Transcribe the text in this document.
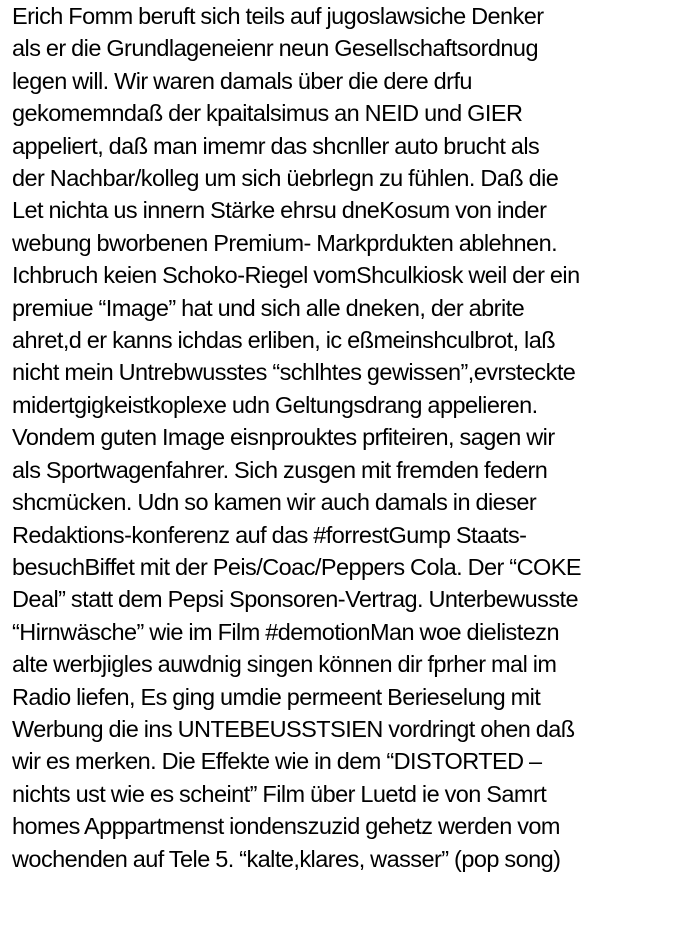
Erich Fomm beruft sich teils auf jugoslawsiche Denker
als er die Grundlageneienr neun Gesellschaftsordnug
legen will. Wir waren damals über die dere drfu
gekomemndaß der kpaitalsimus an NEID und GIER
appeliert, daß man imemr das shcnller auto brucht als
der Nachbar/kolleg um sich üebrlegn zu fühlen. Daß die
Let nichta us innern Stärke ehrsu dneKosum von inder
webung bworbenen Premium- Markprdukten ablehnen.
Ichbruch keien Schoko-Riegel vomShculkiosk weil der ein
premiue “Image” hat und sich alle dneken, der abrite
ahret,d er kanns ichdas erliben, ic eßmeinshculbrot, laß
nicht mein Untrebwusstes “schlhtes gewissen”,evrsteckte
midertgigkeistkoplexe udn Geltungsdrang appelieren.
Vondem guten Image eisnprouktes prfiteiren, sagen wir
als Sportwagenfahrer. Sich zusgen mit fremden federn
shcmücken. Udn so kamen wir auch damals in dieser
Redaktions-konferenz auf das #forrestGump Staats-
besuchBiffet mit der Peis/Coac/Peppers Cola. Der “COKE
Deal” statt dem Pepsi Sponsoren-Vertrag. Unterbewusste
“Hirnwäsche” wie im Film #demotionMan woe dielistezn
alte werbjigles auwdnig singen können dir fprher mal im
Radio liefen, Es ging umdie permeent Berieselung mit
Werbung die ins UNTEBEUSSTSIEN vordringt ohen daß
wir es merken. Die Effekte wie in dem “DISTORTED –
nichts ust wie es scheint” Film über Luetd ie von Samrt
homes Apppartmenst iondenszuzid gehetz werden vom
wochenden auf Tele 5. “kalte,klares, wasser” (pop song)
